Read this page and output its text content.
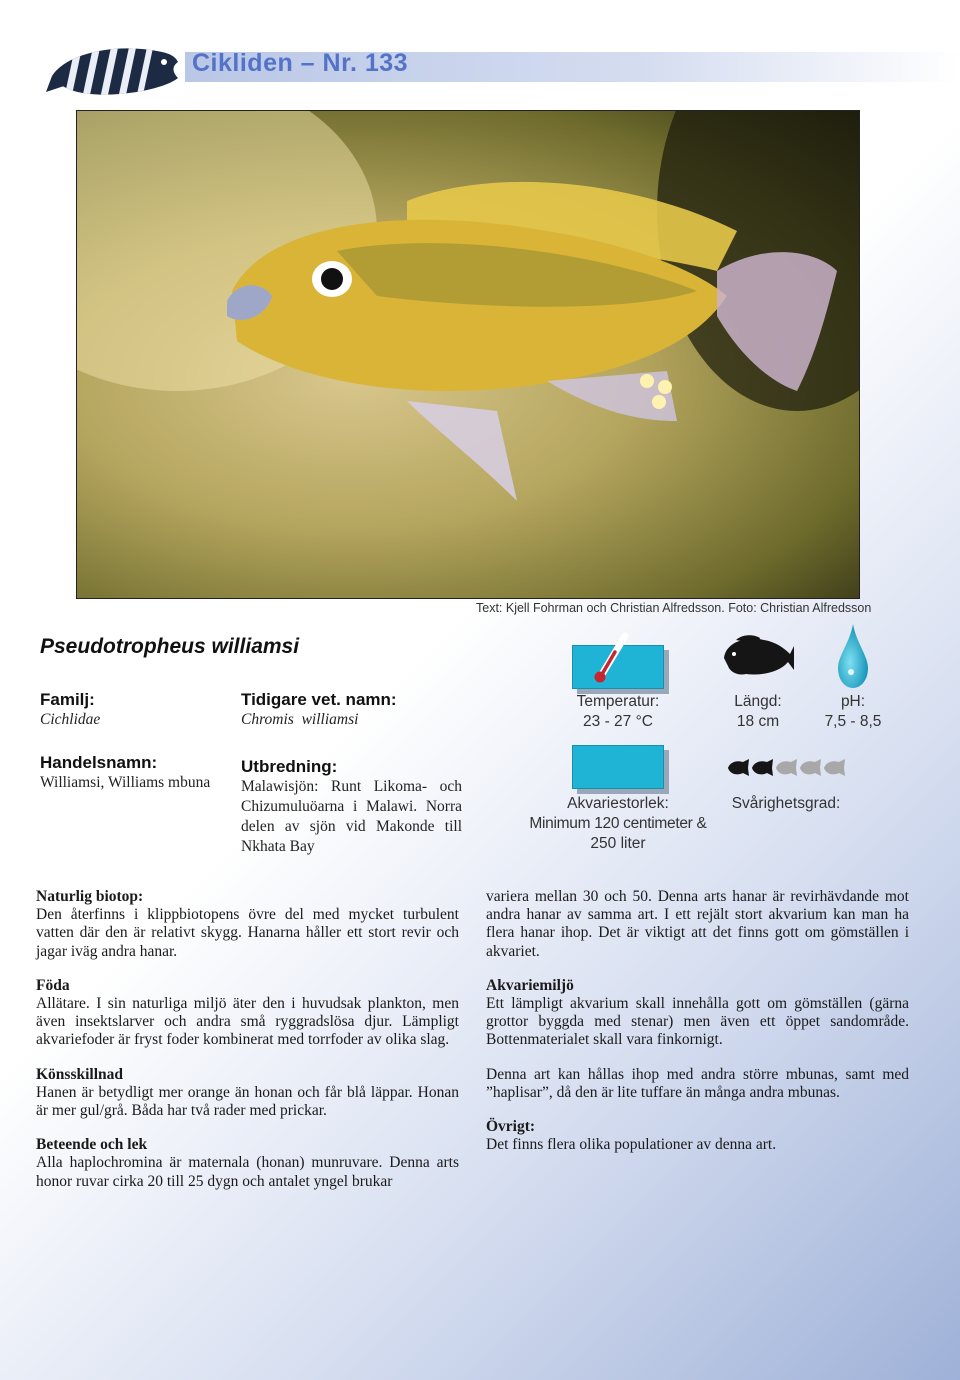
Cikliden – Nr. 133
Text: Kjell Fohrman och Christian Alfredsson. Foto: Christian Alfredsson
Pseudotropheus williamsi
Familj:
Cichlidae
Tidigare vet. namn:
Chromis  williamsi
Handelsnamn:
Williamsi, Williams mbuna
Utbredning:
Malawisjön: Runt Likoma- och Chizumuluöarna i Malawi. Norra delen av sjön vid Makonde till Nkhata Bay
Temperatur:
23 - 27 °C
Längd:
18 cm
pH:
7,5 - 8,5
Akvariestorlek:
Minimum 120 centimeter &
250 liter
Svårighetsgrad:
Naturlig biotop:

Den återfinns i klippbiotopens övre del med mycket turbulent vatten där den är relativt skygg. Hanarna håller ett stort revir och jagar iväg andra hanar.

Föda

Allätare. I sin naturliga miljö äter den i huvudsak plankton, men även insektslarver och andra små ryggradslösa djur. Lämpligt akvariefoder är fryst foder kombinerat med torrfoder av olika slag.

Könsskillnad

Hanen är betydligt mer orange än honan och får blå läppar. Honan är mer gul/grå. Båda har två rader med prickar.

Beteende och lek

Alla haplochromina är maternala (honan) munruvare. Denna arts honor ruvar cirka 20 till 25 dygn och antalet yngel brukar

variera mellan 30 och 50. Denna arts hanar är revirhävdande mot andra hanar av samma art. I ett rejält stort akvarium kan man ha flera hanar ihop. Det är viktigt att det finns gott om gömställen i akvariet.

Akvariemiljö

Ett lämpligt akvarium skall innehålla gott om gömställen (gärna grottor byggda med stenar) men även ett öppet sandområde. Bottenmaterialet skall vara finkornigt.

Denna art kan hållas ihop med andra större mbunas, samt med ”haplisar”, då den är lite tuffare än många andra mbunas.

Övrigt:

Det finns flera olika populationer av denna art.
